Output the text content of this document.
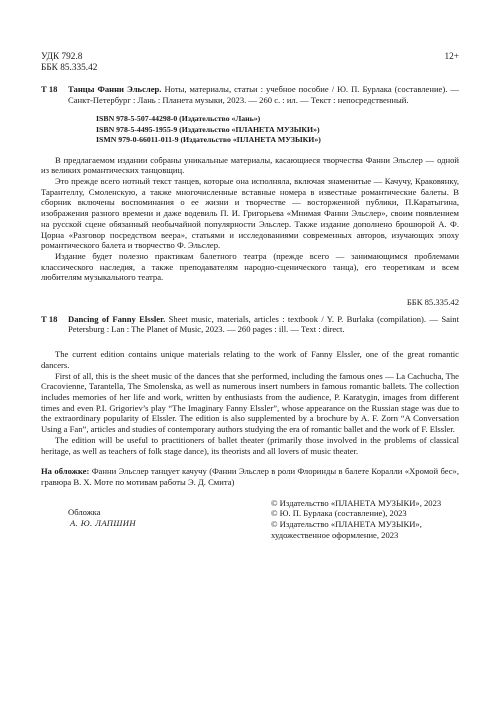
УДК 792.8
ББК 85.335.42
12+
Т 18 Танцы Фанни Эльслер. Ноты, материалы, статьи : учебное пособие / Ю. П. Бурлака (составление). — Санкт-Петербург : Лань : Планета музыки, 2023. — 260 с. : ил. — Текст : непосредственный.
ISBN 978-5-507-44298-0 (Издательство «Лань»)
ISBN 978-5-4495-1955-9 (Издательство «ПЛАНЕТА МУЗЫКИ»)
ISMN 979-0-66011-011-9 (Издательство «ПЛАНЕТА МУЗЫКИ»)

В предлагаемом издании собраны уникальные материалы, касающиеся творчества Фанни Эльслер — одной из великих романтических танцовщиц.

Это прежде всего нотный текст танцев, которые она исполняла, включая знаменитые — Качучу, Краковянку, Тарантеллу, Смоленскую, а также многочисленные вставные номера в известные романтические балеты. В сборник включены воспоминания о ее жизни и творчестве — восторженной публики, П.Каратыгина, изображения разного времени и даже водевиль П. И. Григорьева «Мнимая Фанни Эльслер», своим появлением на русской сцене обязанный необычайной популярности Эльслер. Также издание дополнено брошюрой А. Ф. Цорна «Разговор посредством веера», статьями и исследованиями современных авторов, изучающих эпоху романтического балета и творчество Ф. Эльслер.

Издание будет полезно практикам балетного театра (прежде всего — занимающимся проблемами классического наследия, а также преподавателям народно-сценического танца), его теоретикам и всем любителям музыкального театра.

ББК 85.335.42
Т 18 Dancing of Fanny Elssler. Sheet music, materials, articles : textbook / Y. P. Burlaka (compilation). — Saint Petersburg : Lan : The Planet of Music, 2023. — 260 pages : ill. — Text : direct.

The current edition contains unique materials relating to the work of Fanny Elssler, one of the great romantic dancers.

First of all, this is the sheet music of the dances that she performed, including the famous ones — La Cachucha, The Cracovienne, Tarantella, The Smolenska, as well as numerous insert numbers in famous romantic ballets. The collection includes memories of her life and work, written by enthusiasts from the audience, P. Karatygin, images from different times and even P.I. Grigoriev’s play “The Imaginary Fanny Elssler”, whose appearance on the Russian stage was due to the extraordinary popularity of Elssler. The edition is also supplemented by a brochure by A. F. Zorn “A Conversation Using a Fan”, articles and studies of contemporary authors studying the era of romantic ballet and the work of F. Elssler.

The edition will be useful to practitioners of ballet theater (primarily those involved in the problems of classical heritage, as well as teachers of folk stage dance), its theorists and all lovers of music theater.

На обложке: Фанни Эльслер танцует качучу (Фанни Эльслер в роли Флоринды в балете Коралли «Хромой бес», гравюра В. Х. Моте по мотивам работы Э. Д. Смита)
Обложка
А. Ю. ЛАПШИН
© Издательство «ПЛАНЕТА МУЗЫКИ», 2023
© Ю. П. Бурлака (составление), 2023
© Издательство «ПЛАНЕТА МУЗЫКИ»,
художественное оформление, 2023
